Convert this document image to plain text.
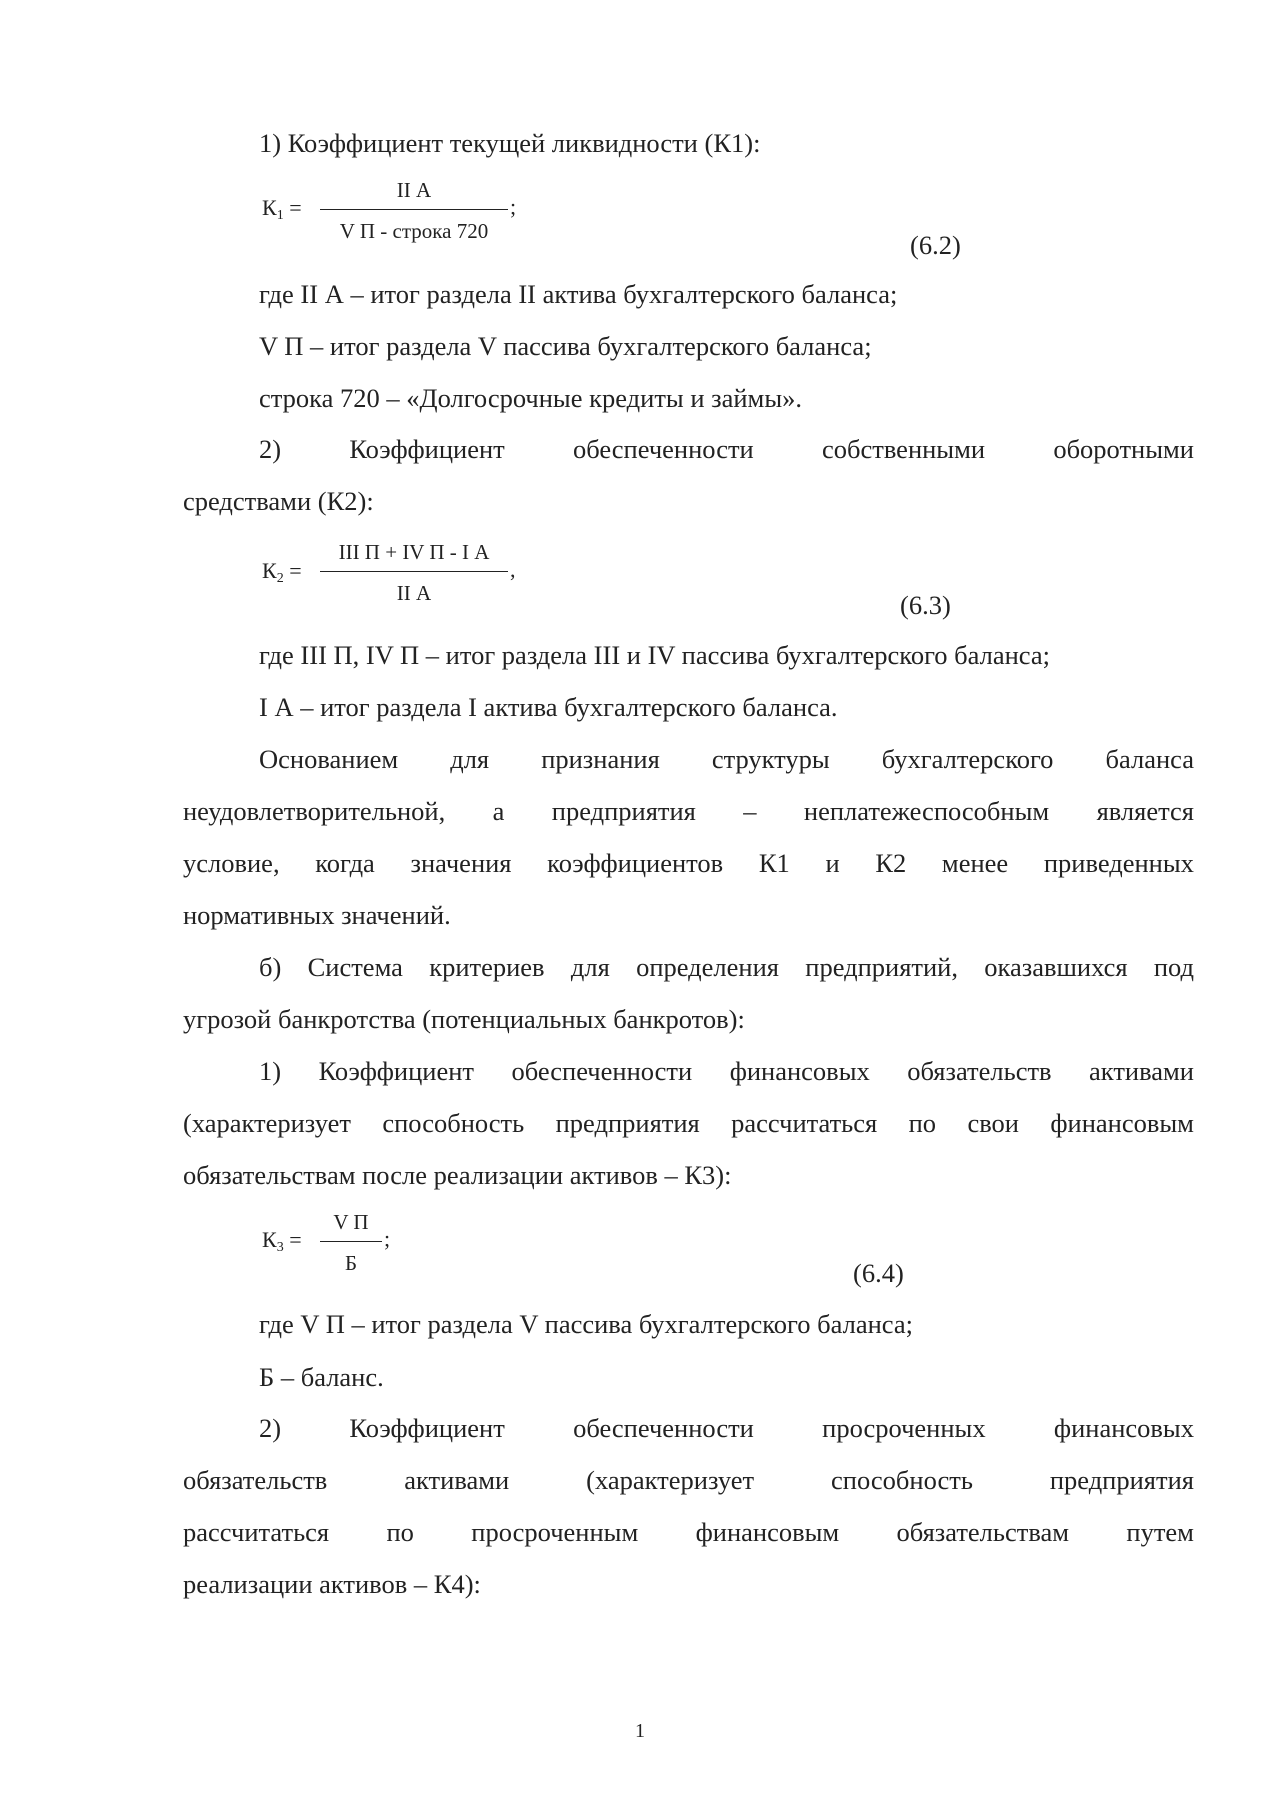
1) Коэффициент текущей ликвидности (К1):
$К_1$ =
II А
V П - строка 720
;
(6.2)
где II А – итог раздела II актива бухгалтерского баланса;
V П – итог раздела V пассива бухгалтерского баланса;
строка 720 – «Долгосрочные кредиты и займы».
2)	Коэффициент	обеспеченности	собственными	оборотными
средствами (К2):
$К_2$ =
III П + IV П - I А
II А
,
(6.3)
где III П, IV П – итог раздела III и IV пассива бухгалтерского баланса;
I А – итог раздела I актива бухгалтерского баланса.
Основанием для признания структуры бухгалтерского баланса
неудовлетворительной, а предприятия – неплатежеспособным является
условие, когда значения коэффициентов К1 и К2 менее приведенных
нормативных значений.
б) Система критериев для определения предприятий, оказавшихся под
угрозой банкротства (потенциальных банкротов):
1) Коэффициент обеспеченности финансовых обязательств активами
(характеризует способность предприятия рассчитаться по свои финансовым
обязательствам после реализации активов – К3):
$К_3$ =
V П
Б
;
(6.4)
где V П – итог раздела V пассива бухгалтерского баланса;
Б – баланс.
2)	Коэффициент	обеспеченности	просроченных	финансовых
обязательств	активами	(характеризует	способность	предприятия
рассчитаться по просроченным финансовым обязательствам путем
реализации активов – К4):
1
